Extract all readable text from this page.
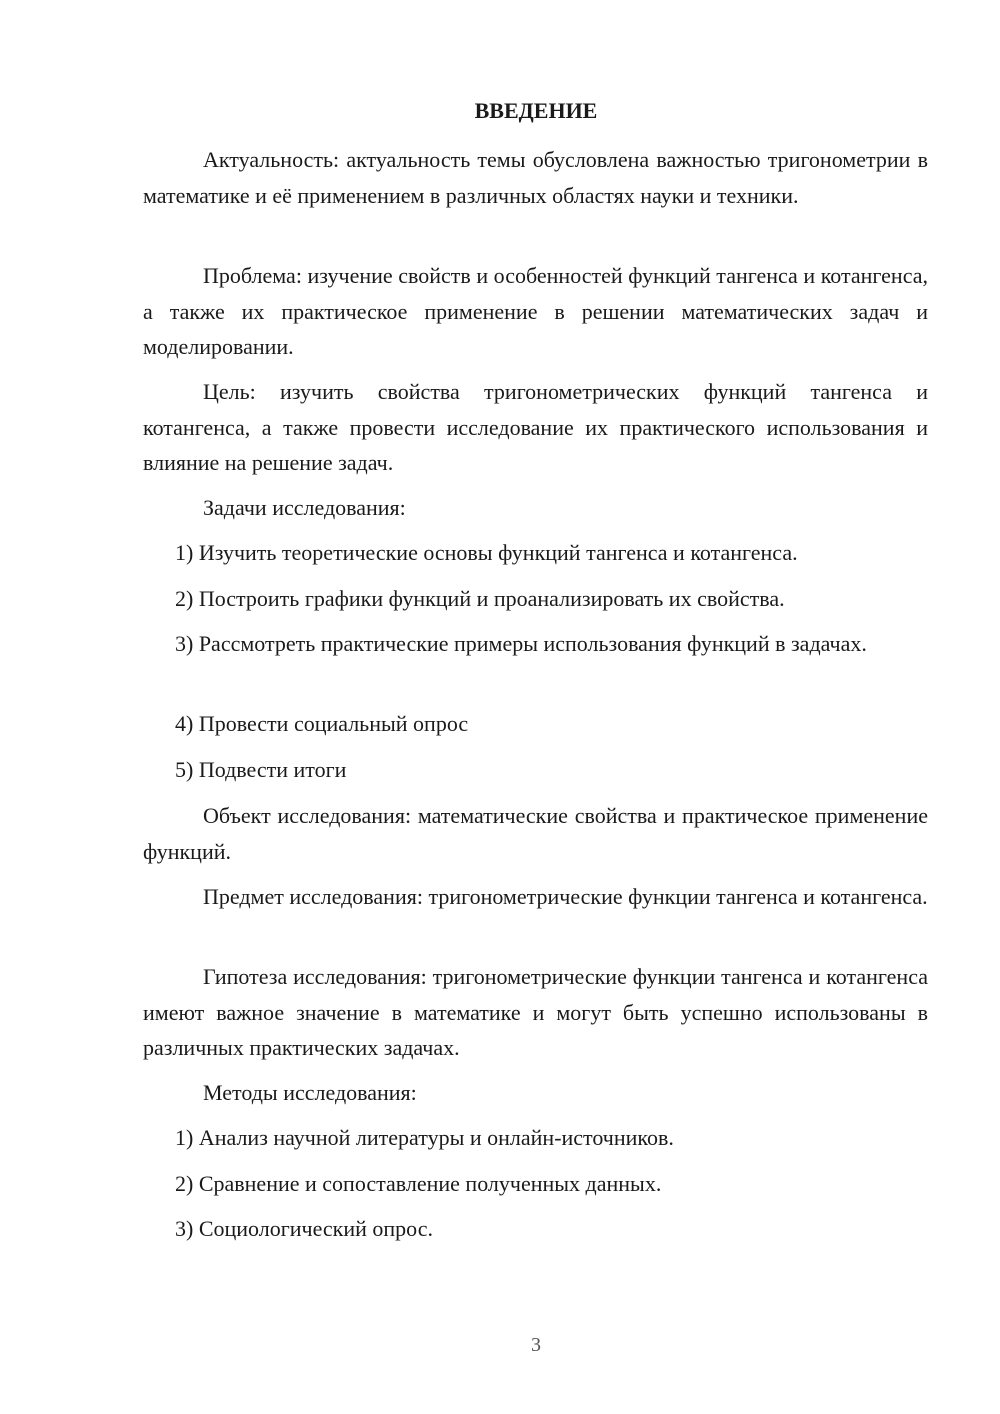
ВВЕДЕНИЕ

Актуальность: актуальность темы обусловлена важностью тригонометрии в математике и её применением в различных областях науки и техники.

Проблема: изучение свойств и особенностей функций тангенса и котангенса, а также их практическое применение в решении математических задач и моделировании.

Цель: изучить свойства тригонометрических функций тангенса и котангенса, а также провести исследование их практического использования и влияние на решение задач.

Задачи исследования:

1) Изучить теоретические основы функций тангенса и котангенса.

2) Построить графики функций и проанализировать их свойства.

3) Рассмотреть практические примеры использования функций в задачах.

4) Провести социальный опрос

5) Подвести итоги

Объект исследования: математические свойства и практическое применение функций.

Предмет исследования: тригонометрические функции тангенса и котангенса.

Гипотеза исследования: тригонометрические функции тангенса и котангенса имеют важное значение в математике и могут быть успешно использованы в различных практических задачах.

Методы исследования:

1) Анализ научной литературы и онлайн-источников.

2) Сравнение и сопоставление полученных данных.

3) Социологический опрос.

3
